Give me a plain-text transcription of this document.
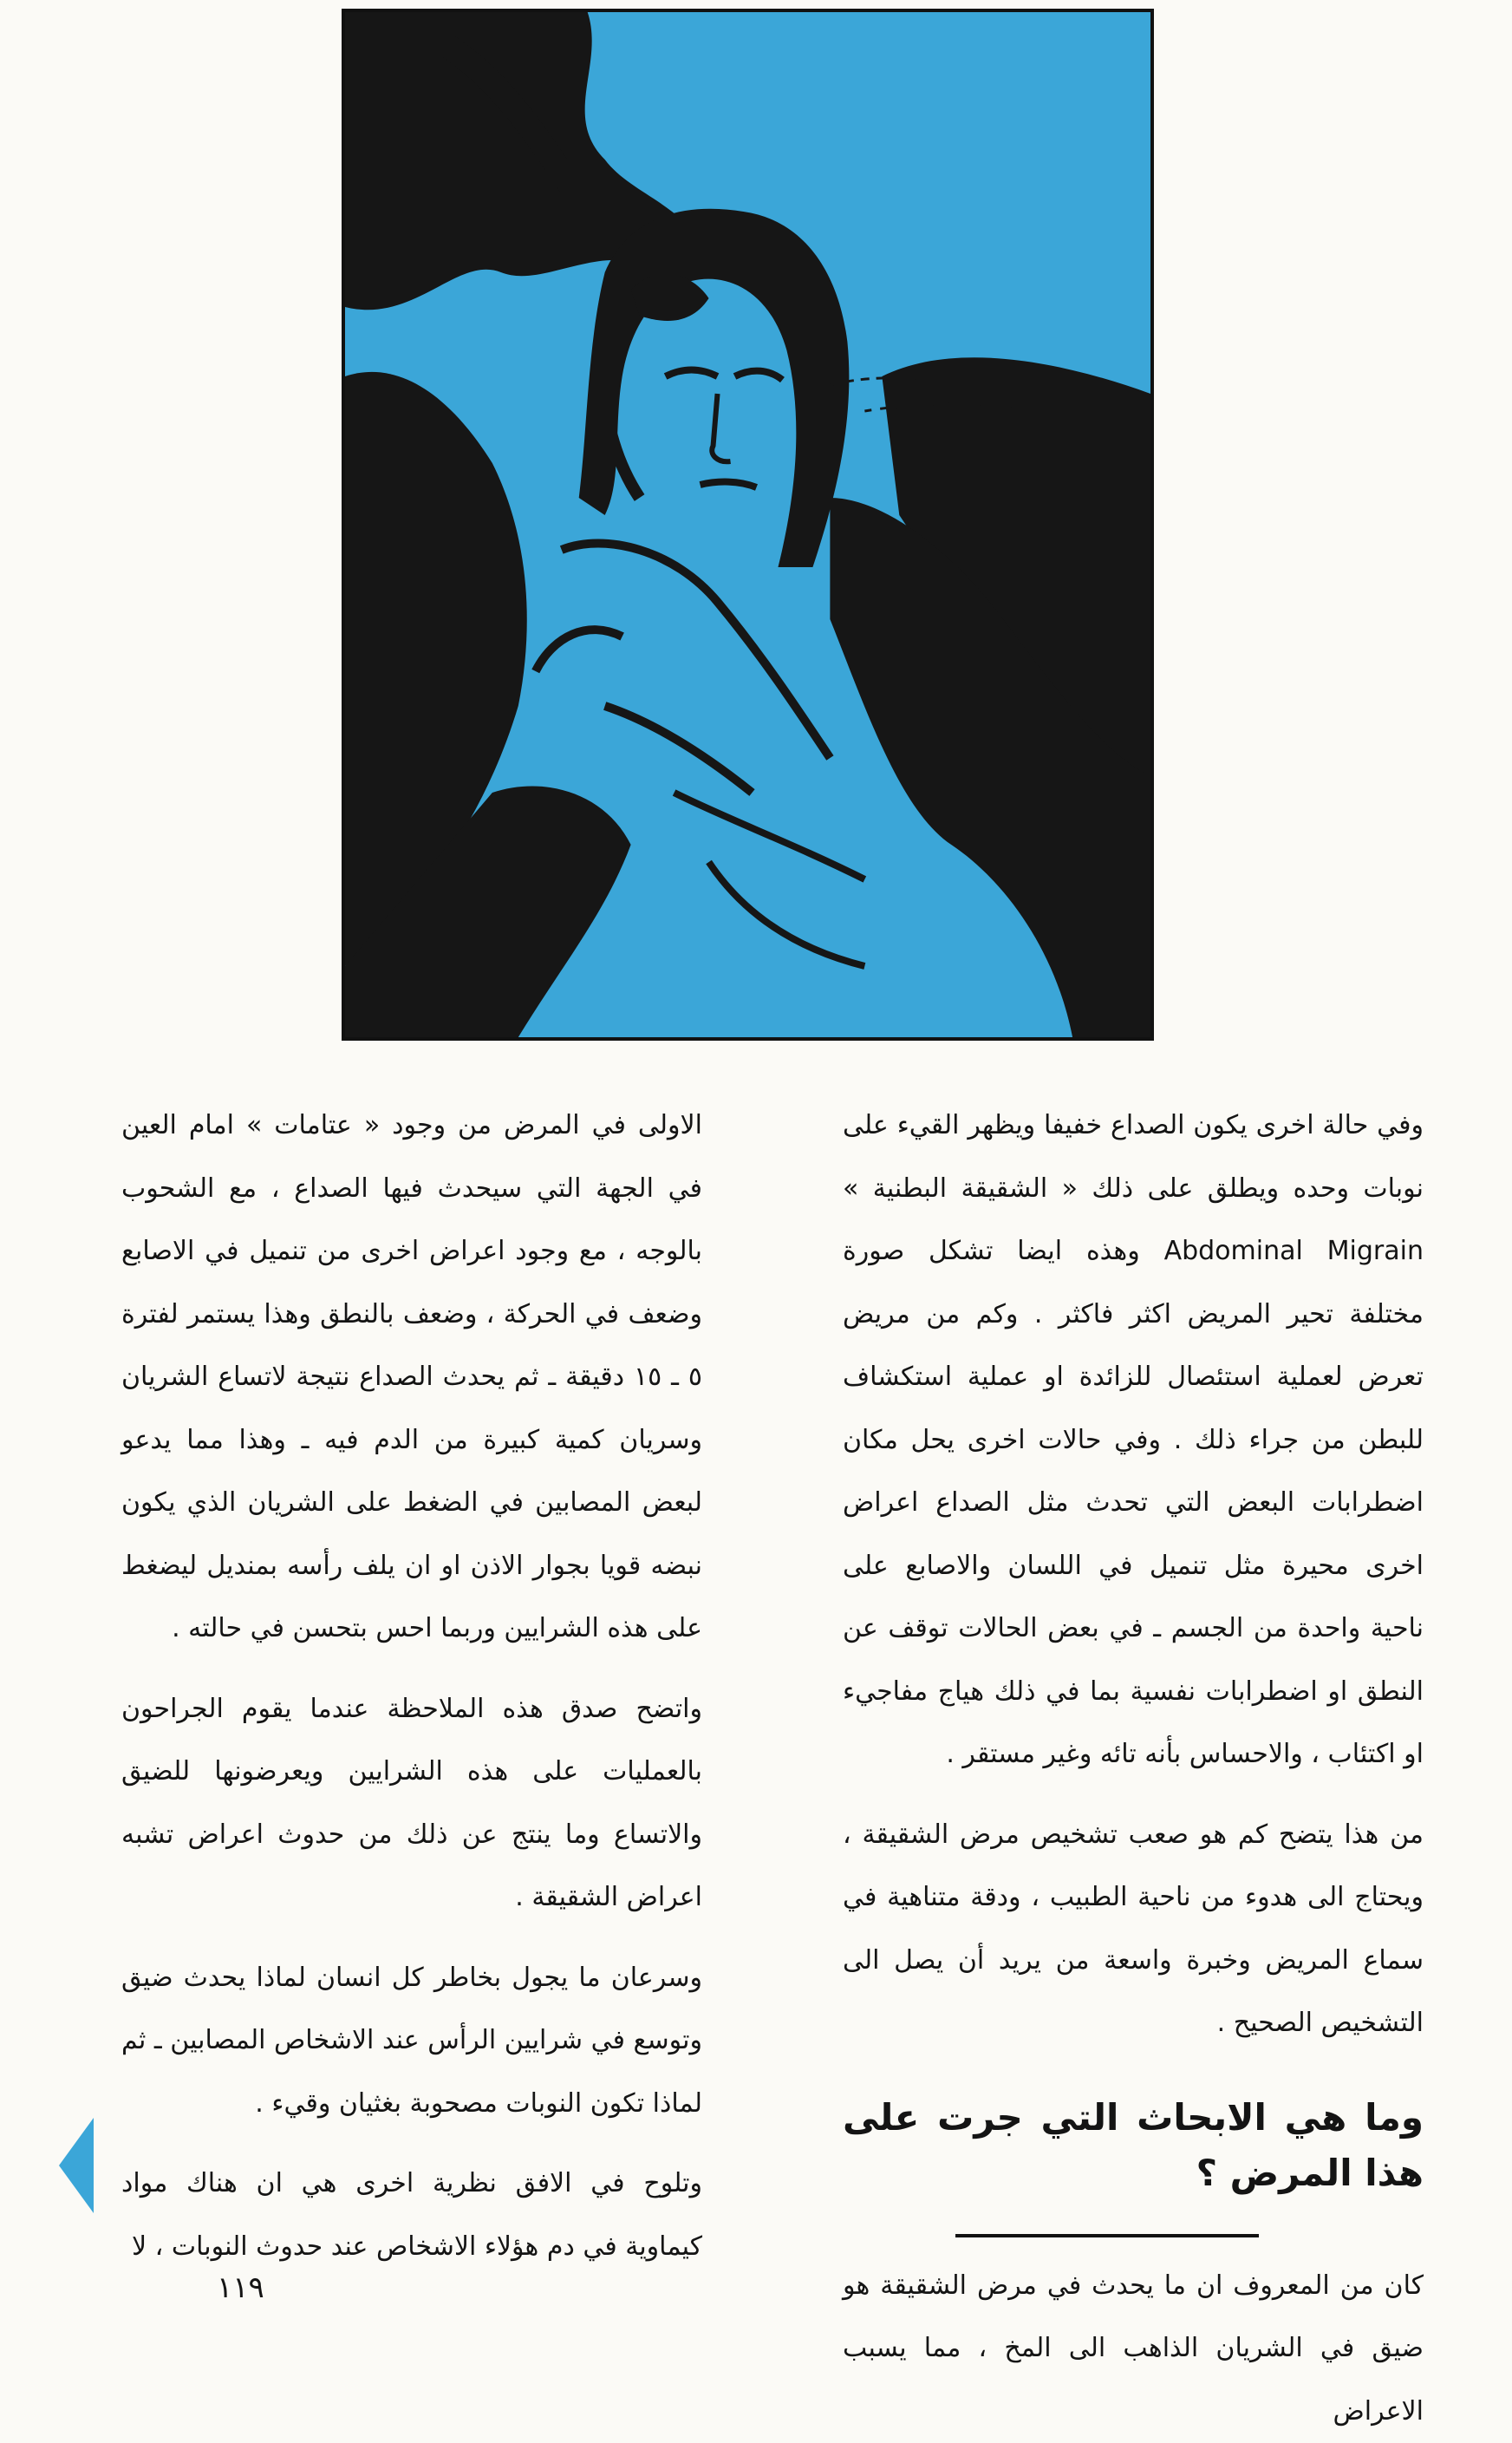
وفي حالة اخرى يكون الصداع خفيفا ويظهر القيء على نوبات وحده ويطلق على ذلك « الشقيقة البطنية » Abdominal Migrain وهذه ايضا تشكل صورة مختلفة تحير المريض اكثر فاكثر . وكم من مريض تعرض لعملية استئصال للزائدة او عملية استكشاف للبطن من جراء ذلك . وفي حالات اخرى يحل مكان اضطرابات البعض التي تحدث مثل الصداع اعراض اخرى محيرة مثل تنميل في اللسان والاصابع على ناحية واحدة من الجسم ـ في بعض الحالات توقف عن النطق او اضطرابات نفسية بما في ذلك هياج مفاجيء او اكتئاب ، والاحساس بأنه تائه وغير مستقر .

من هذا يتضح كم هو صعب تشخيص مرض الشقيقة ، ويحتاج الى هدوء من ناحية الطبيب ، ودقة متناهية في سماع المريض وخبرة واسعة من يريد أن يصل الى التشخيص الصحيح .

وما هي الابحاث التي جرت على هذا المرض ؟

كان من المعروف ان ما يحدث في مرض الشقيقة هو ضيق في الشريان الذاهب الى المخ ، مما يسبب الاعراض

الاولى في المرض من وجود « عتامات » امام العين في الجهة التي سيحدث فيها الصداع ، مع الشحوب بالوجه ، مع وجود اعراض اخرى من تنميل في الاصابع وضعف في الحركة ، وضعف بالنطق وهذا يستمر لفترة ٥ ـ ١٥ دقيقة ـ ثم يحدث الصداع نتيجة لاتساع الشريان وسريان كمية كبيرة من الدم فيه ـ وهذا مما يدعو لبعض المصابين في الضغط على الشريان الذي يكون نبضه قويا بجوار الاذن او ان يلف رأسه بمنديل ليضغط على هذه الشرايين وربما احس بتحسن في حالته .

واتضح صدق هذه الملاحظة عندما يقوم الجراحون بالعمليات على هذه الشرايين ويعرضونها للضيق والاتساع وما ينتج عن ذلك من حدوث اعراض تشبه اعراض الشقيقة .

وسرعان ما يجول بخاطر كل انسان لماذا يحدث ضيق وتوسع في شرايين الرأس عند الاشخاص المصابين ـ ثم لماذا تكون النوبات مصحوبة بغثيان وقيء .

وتلوح في الافق نظرية اخرى هي ان هناك مواد كيماوية في دم هؤلاء الاشخاص عند حدوث النوبات ، لا

١١٩
